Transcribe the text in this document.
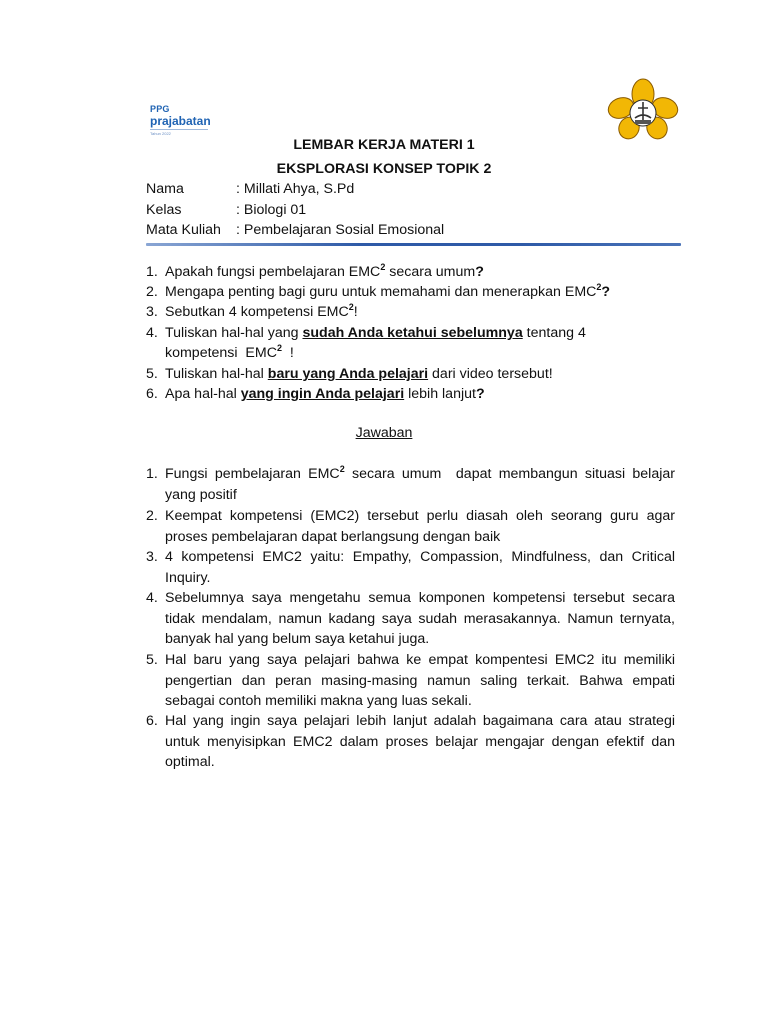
PPG
prajabatan
Tahun 2022
LEMBAR KERJA MATERI 1
EKSPLORASI KONSEP TOPIK 2
Nama	: Millati Ahya, S.Pd
Kelas	: Biologi 01
Mata Kuliah : Pembelajaran Sosial Emosional
1. Apakah fungsi pembelajaran EMC$^2$ secara umum?
2. Mengapa penting bagi guru untuk memahami dan menerapkan EMC$^2$?
3. Sebutkan 4 kompetensi EMC$^2$!
4. Tuliskan hal-hal yang sudah Anda ketahui sebelumnya tentang 4 kompetensi  EMC$^2$  !
5. Tuliskan hal-hal baru yang Anda pelajari dari video tersebut!
6. Apa hal-hal yang ingin Anda pelajari lebih lanjut?
Jawaban
1. Fungsi pembelajaran EMC$^2$ secara umum  dapat membangun situasi belajar yang positif
2. Keempat kompetensi (EMC2) tersebut perlu diasah oleh seorang guru agar proses pembelajaran dapat berlangsung dengan baik
3. 4 kompetensi EMC2 yaitu: Empathy, Compassion, Mindfulness, dan Critical Inquiry.
4. Sebelumnya saya mengetahu semua komponen kompetensi tersebut secara tidak mendalam, namun kadang saya sudah merasakannya. Namun ternyata, banyak hal yang belum saya ketahui juga.
5. Hal baru yang saya pelajari bahwa ke empat kompentesi EMC2 itu memiliki pengertian dan peran masing-masing namun saling terkait. Bahwa empati sebagai contoh memiliki makna yang luas sekali.
6. Hal yang ingin saya pelajari lebih lanjut adalah bagaimana cara atau strategi untuk menyisipkan EMC2 dalam proses belajar mengajar dengan efektif dan optimal.
